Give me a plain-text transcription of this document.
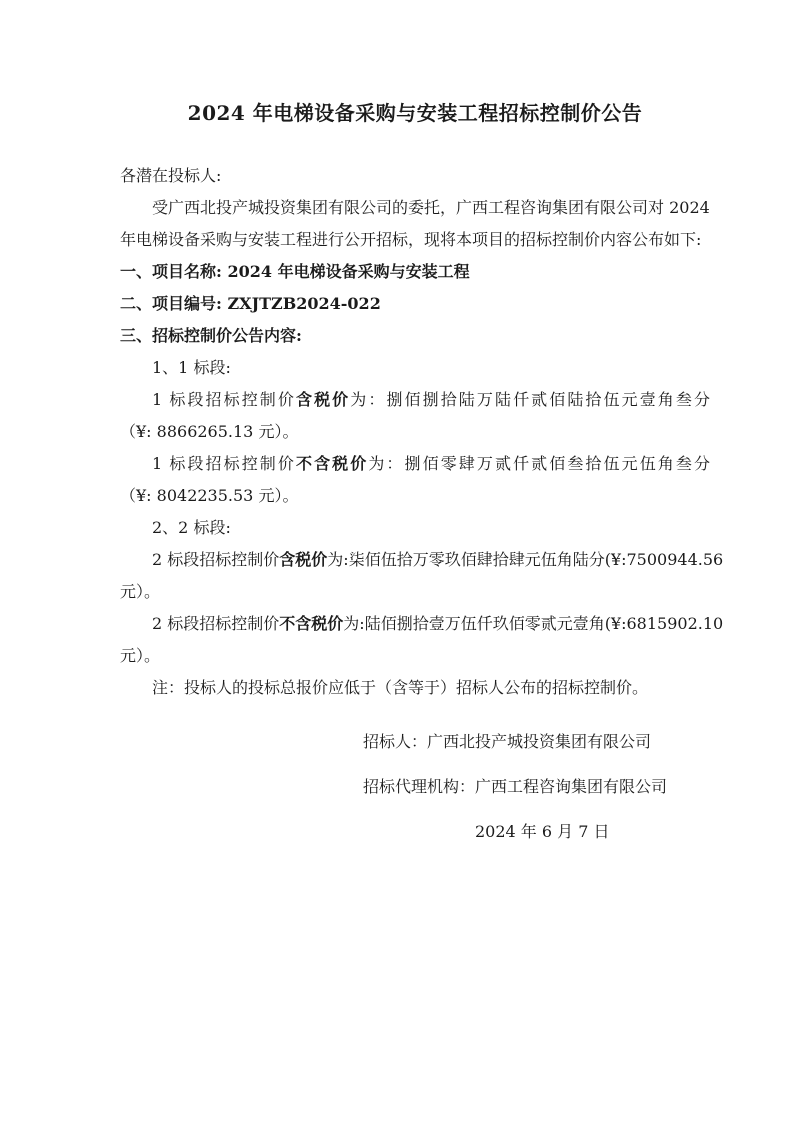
2024 年电梯设备采购与安装工程招标控制价公告

各潜在投标人:

受广西北投产城投资集团有限公司的委托，广西工程咨询集团有限公司对 2024

年电梯设备采购与安装工程进行公开招标，现将本项目的招标控制价内容公布如下:

一、项目名称: 2024 年电梯设备采购与安装工程

二、项目编号: ZXJTZB2024-022

三、招标控制价公告内容:

1、1 标段:

1 标段招标控制价含税价为：捌佰捌拾陆万陆仟贰佰陆拾伍元壹角叁分

（¥: 8866265.13 元）。

1 标段招标控制价不含税价为：捌佰零肆万贰仟贰佰叁拾伍元伍角叁分

（¥: 8042235.53 元）。

2、2 标段:

2 标段招标控制价含税价为:柒佰伍拾万零玖佰肆拾肆元伍角陆分(¥:7500944.56

元）。

2 标段招标控制价不含税价为:陆佰捌拾壹万伍仟玖佰零贰元壹角(¥:6815902.10

元）。

注：投标人的投标总报价应低于（含等于）招标人公布的招标控制价。

招标人：广西北投产城投资集团有限公司

招标代理机构：广西工程咨询集团有限公司

2024 年 6 月 7 日
